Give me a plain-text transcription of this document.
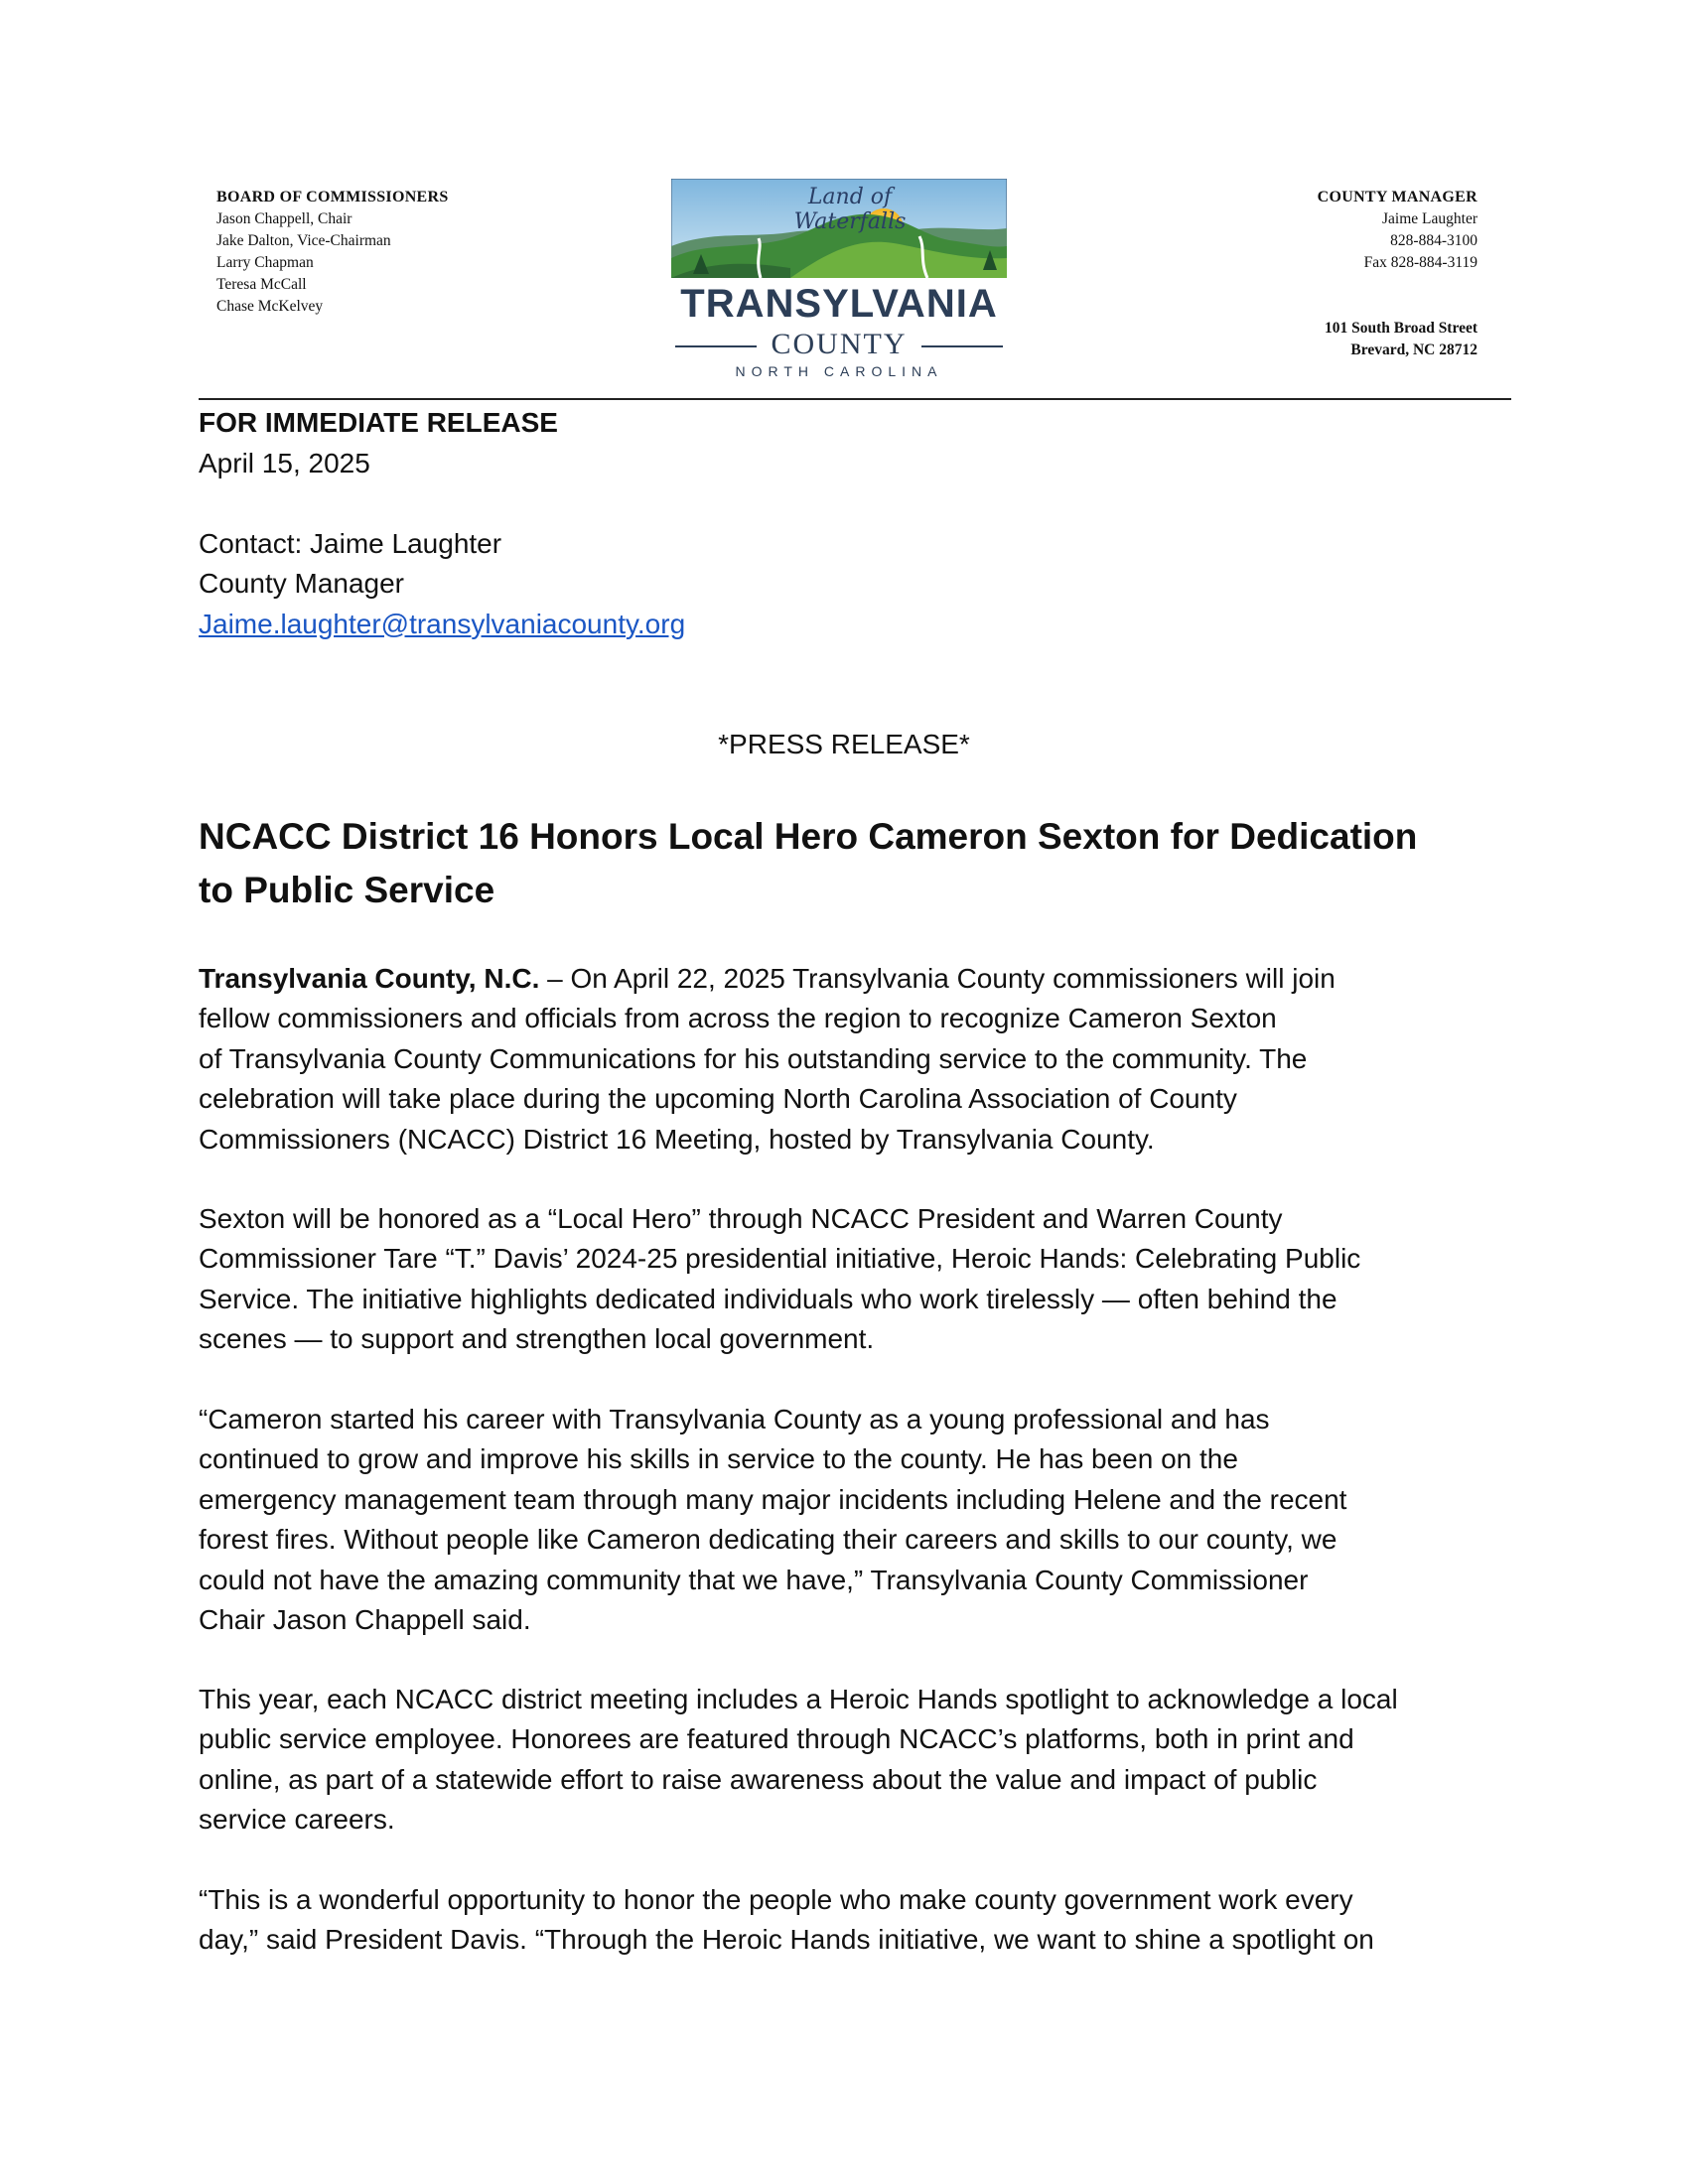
BOARD OF COMMISSIONERS
Jason Chappell, Chair
Jake Dalton, Vice-Chairman
Larry Chapman
Teresa McCall
Chase McKelvey
Land of Waterfalls
TRANSYLVANIA
COUNTY
NORTH CAROLINA
COUNTY MANAGER
Jaime Laughter
828-884-3100
Fax 828-884-3119
101 South Broad Street
Brevard, NC 28712
FOR IMMEDIATE RELEASE
April 15, 2025
Contact: Jaime Laughter
County Manager
Jaime.laughter@transylvaniacounty.org
*PRESS RELEASE*
NCACC District 16 Honors Local Hero Cameron Sexton for Dedication
to Public Service
Transylvania County, N.C. – On April 22, 2025 Transylvania County commissioners will join
fellow commissioners and officials from across the region to recognize Cameron Sexton
of Transylvania County Communications for his outstanding service to the community. The
celebration will take place during the upcoming North Carolina Association of County
Commissioners (NCACC) District 16 Meeting, hosted by Transylvania County.
Sexton will be honored as a “Local Hero” through NCACC President and Warren County
Commissioner Tare “T.” Davis’ 2024-25 presidential initiative, Heroic Hands: Celebrating Public
Service. The initiative highlights dedicated individuals who work tirelessly — often behind the
scenes — to support and strengthen local government.
“Cameron started his career with Transylvania County as a young professional and has
continued to grow and improve his skills in service to the county. He has been on the
emergency management team through many major incidents including Helene and the recent
forest fires. Without people like Cameron dedicating their careers and skills to our county, we
could not have the amazing community that we have,” Transylvania County Commissioner
Chair Jason Chappell said.
This year, each NCACC district meeting includes a Heroic Hands spotlight to acknowledge a local
public service employee. Honorees are featured through NCACC’s platforms, both in print and
online, as part of a statewide effort to raise awareness about the value and impact of public
service careers.
“This is a wonderful opportunity to honor the people who make county government work every
day,” said President Davis. “Through the Heroic Hands initiative, we want to shine a spotlight on
